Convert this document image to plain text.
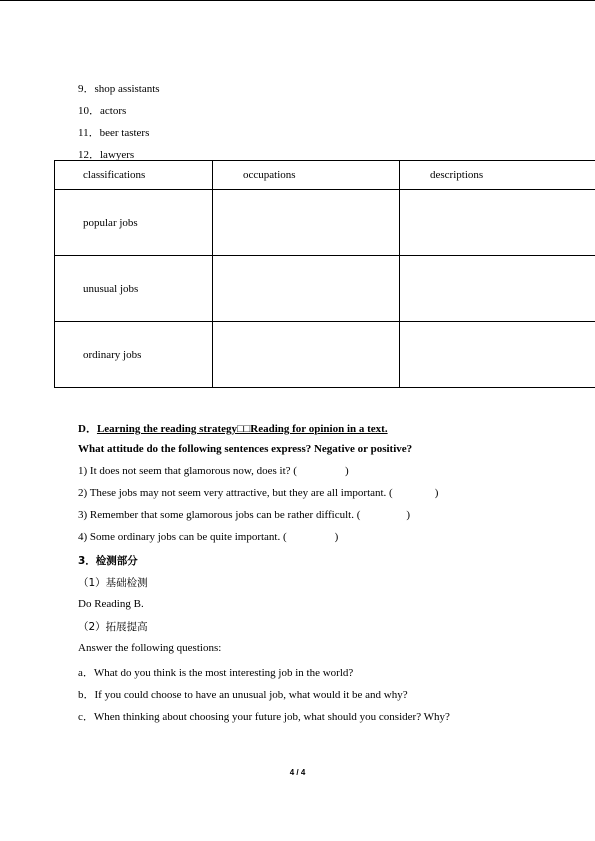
9．shop assistants
10．actors
11．beer tasters
12．lawyers
classifications	occupations	descriptions
popular jobs		
unusual jobs		
ordinary jobs		
D．Learning the reading strategy□□Reading for opinion in a text.
What attitude do the following sentences express? Negative or positive?
1) It does not seem that glamorous now, does it? (	)
2) These jobs may not seem very attractive, but they are all important. (	)
3) Remember that some glamorous jobs can be rather difficult. (	)
4) Some ordinary jobs can be quite important. (	)
3．检测部分
（1）基础检测
Do Reading B.
（2）拓展提高
Answer the following questions:
a．What do you think is the most interesting job in the world?
b．If you could choose to have an unusual job, what would it be and why?
c．When thinking about choosing your future job, what should you consider? Why?
4 / 4
